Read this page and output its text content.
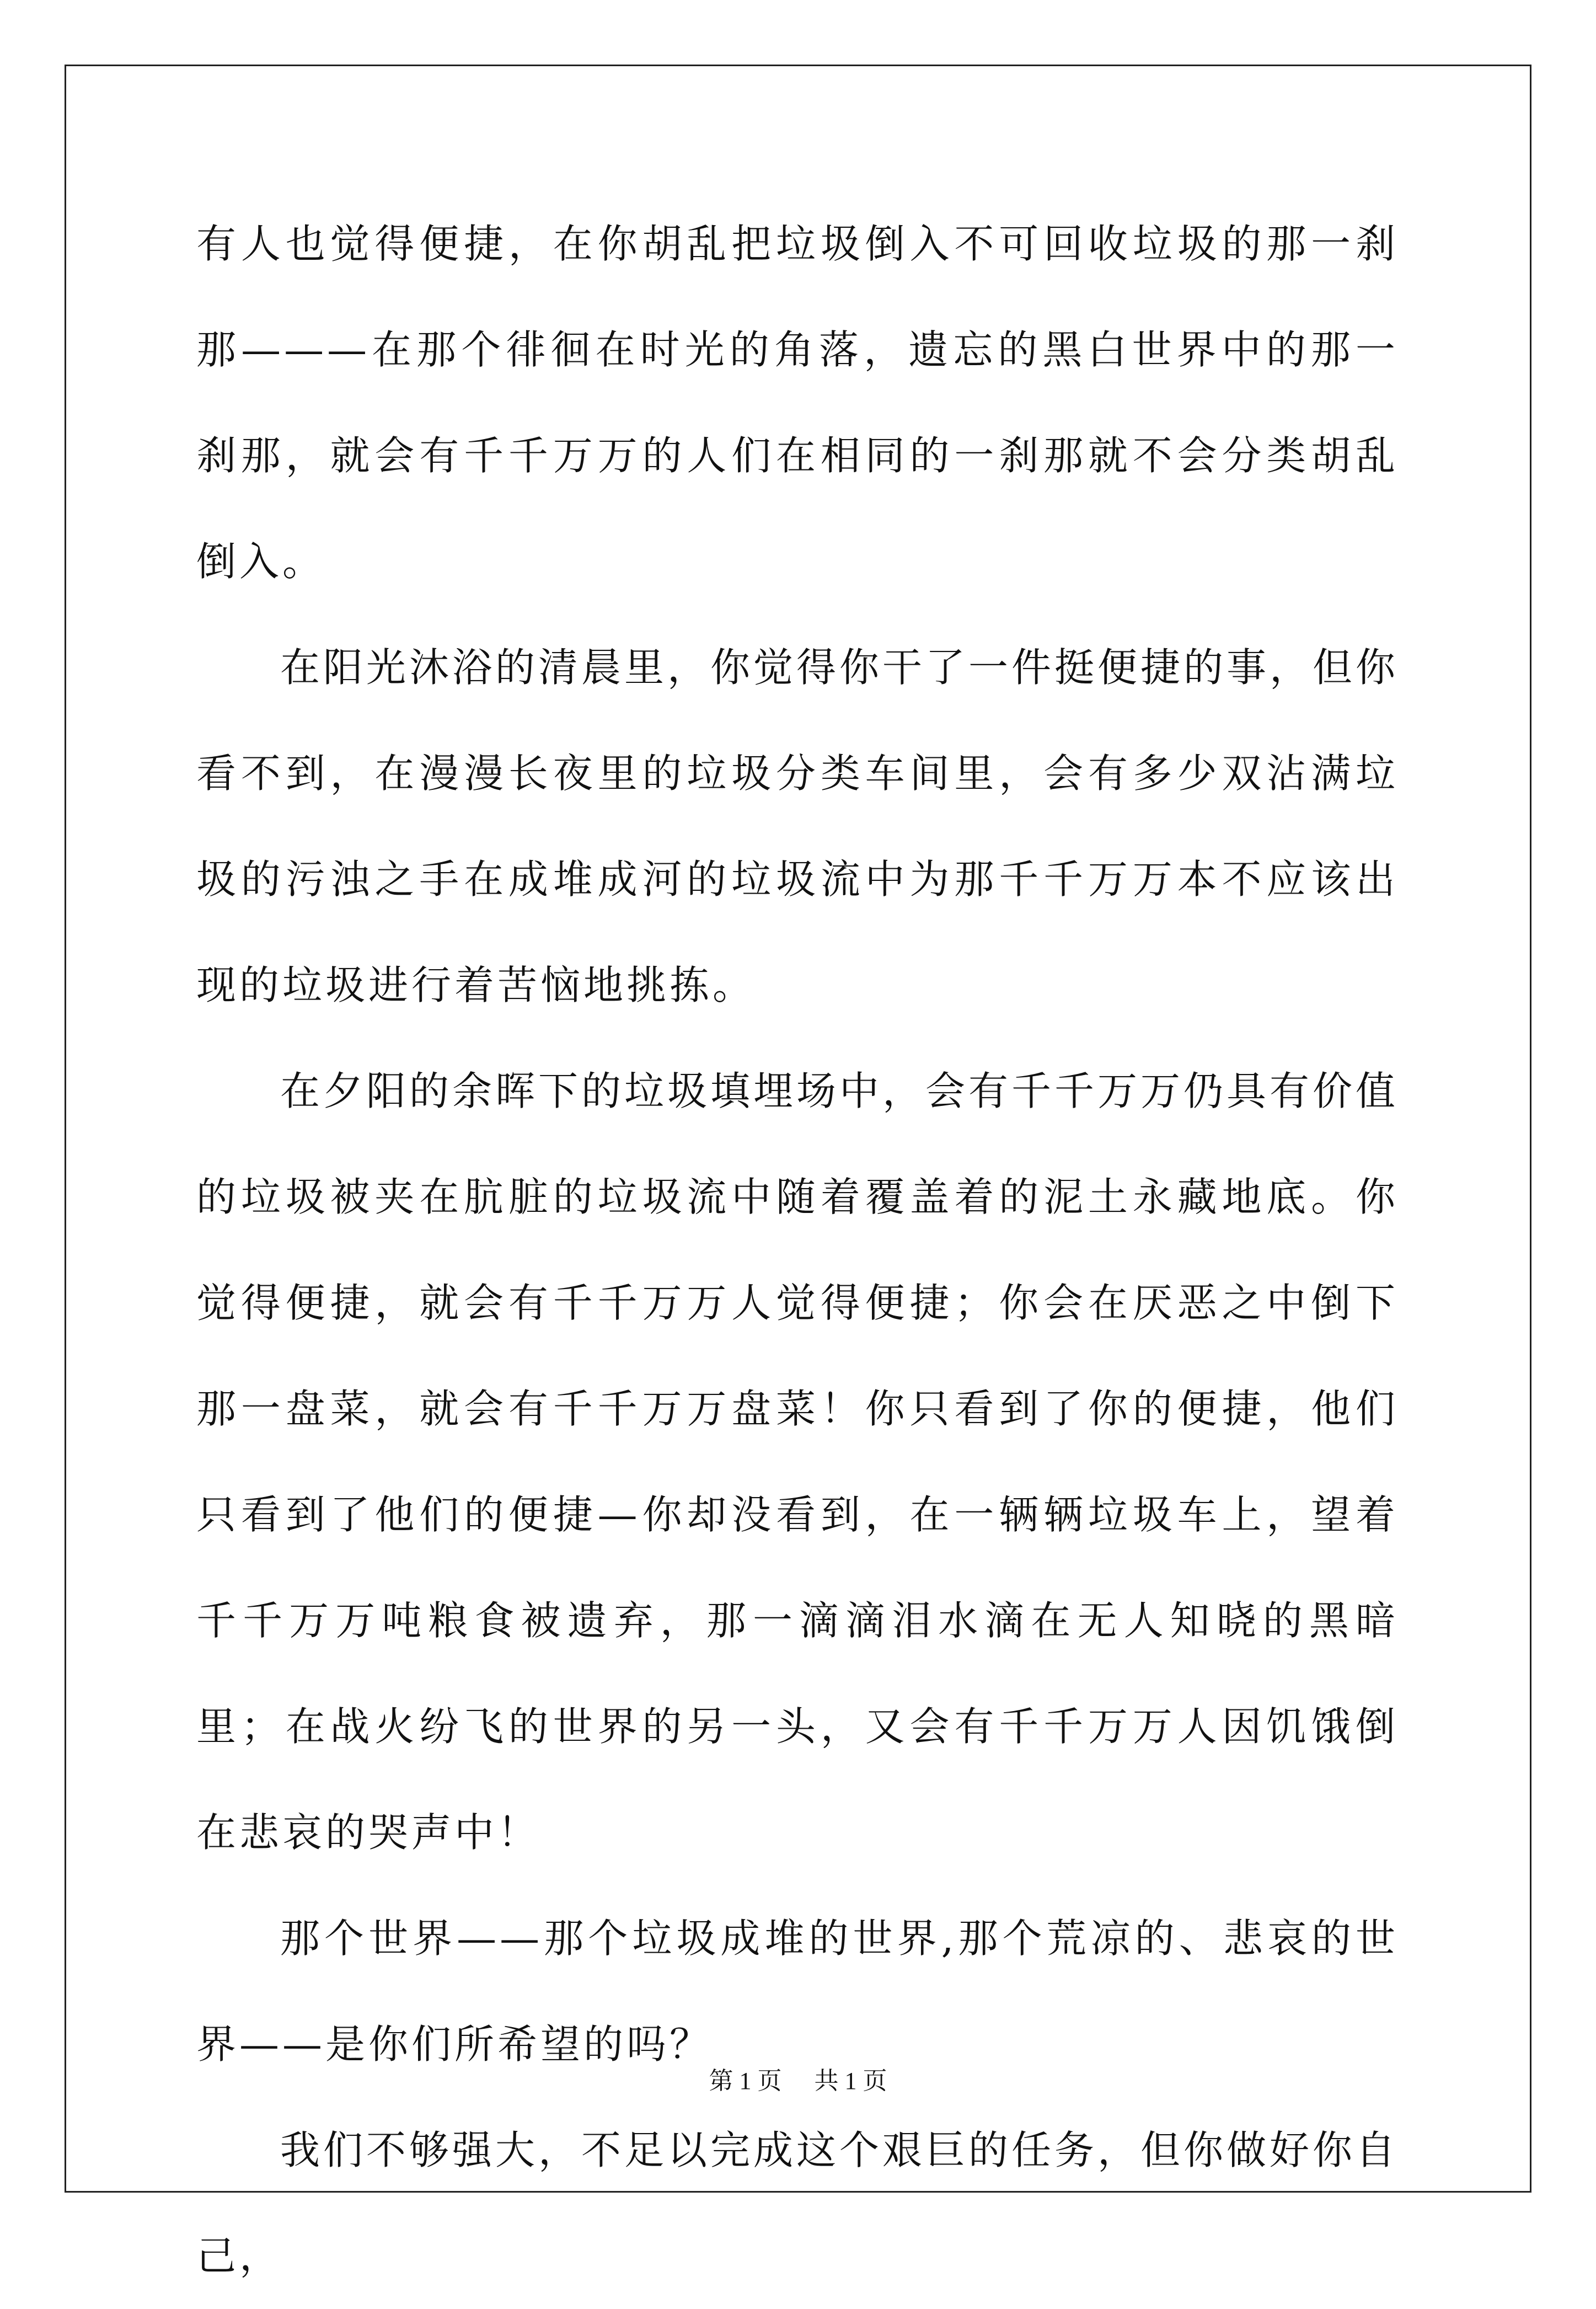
有人也觉得便捷，在你胡乱把垃圾倒入不可回收垃圾的那一刹那———在那个徘徊在时光的角落，遗忘的黑白世界中的那一刹那，就会有千千万万的人们在相同的一刹那就不会分类胡乱倒入。

在阳光沐浴的清晨里，你觉得你干了一件挺便捷的事，但你看不到，在漫漫长夜里的垃圾分类车间里，会有多少双沾满垃圾的污浊之手在成堆成河的垃圾流中为那千千万万本不应该出现的垃圾进行着苦恼地挑拣。

在夕阳的余晖下的垃圾填埋场中，会有千千万万仍具有价值的垃圾被夹在肮脏的垃圾流中随着覆盖着的泥土永藏地底。你觉得便捷，就会有千千万万人觉得便捷；你会在厌恶之中倒下那一盘菜，就会有千千万万盘菜！你只看到了你的便捷，他们只看到了他们的便捷—你却没看到，在一辆辆垃圾车上，望着千千万万吨粮食被遗弃，那一滴滴泪水滴在无人知晓的黑暗里；在战火纷飞的世界的另一头，又会有千千万万人因饥饿倒在悲哀的哭声中！

那个世界——那个垃圾成堆的世界,那个荒凉的、悲哀的世界——是你们所希望的吗？

我们不够强大，不足以完成这个艰巨的任务，但你做好你自己，

第 1 页 共 1 页
